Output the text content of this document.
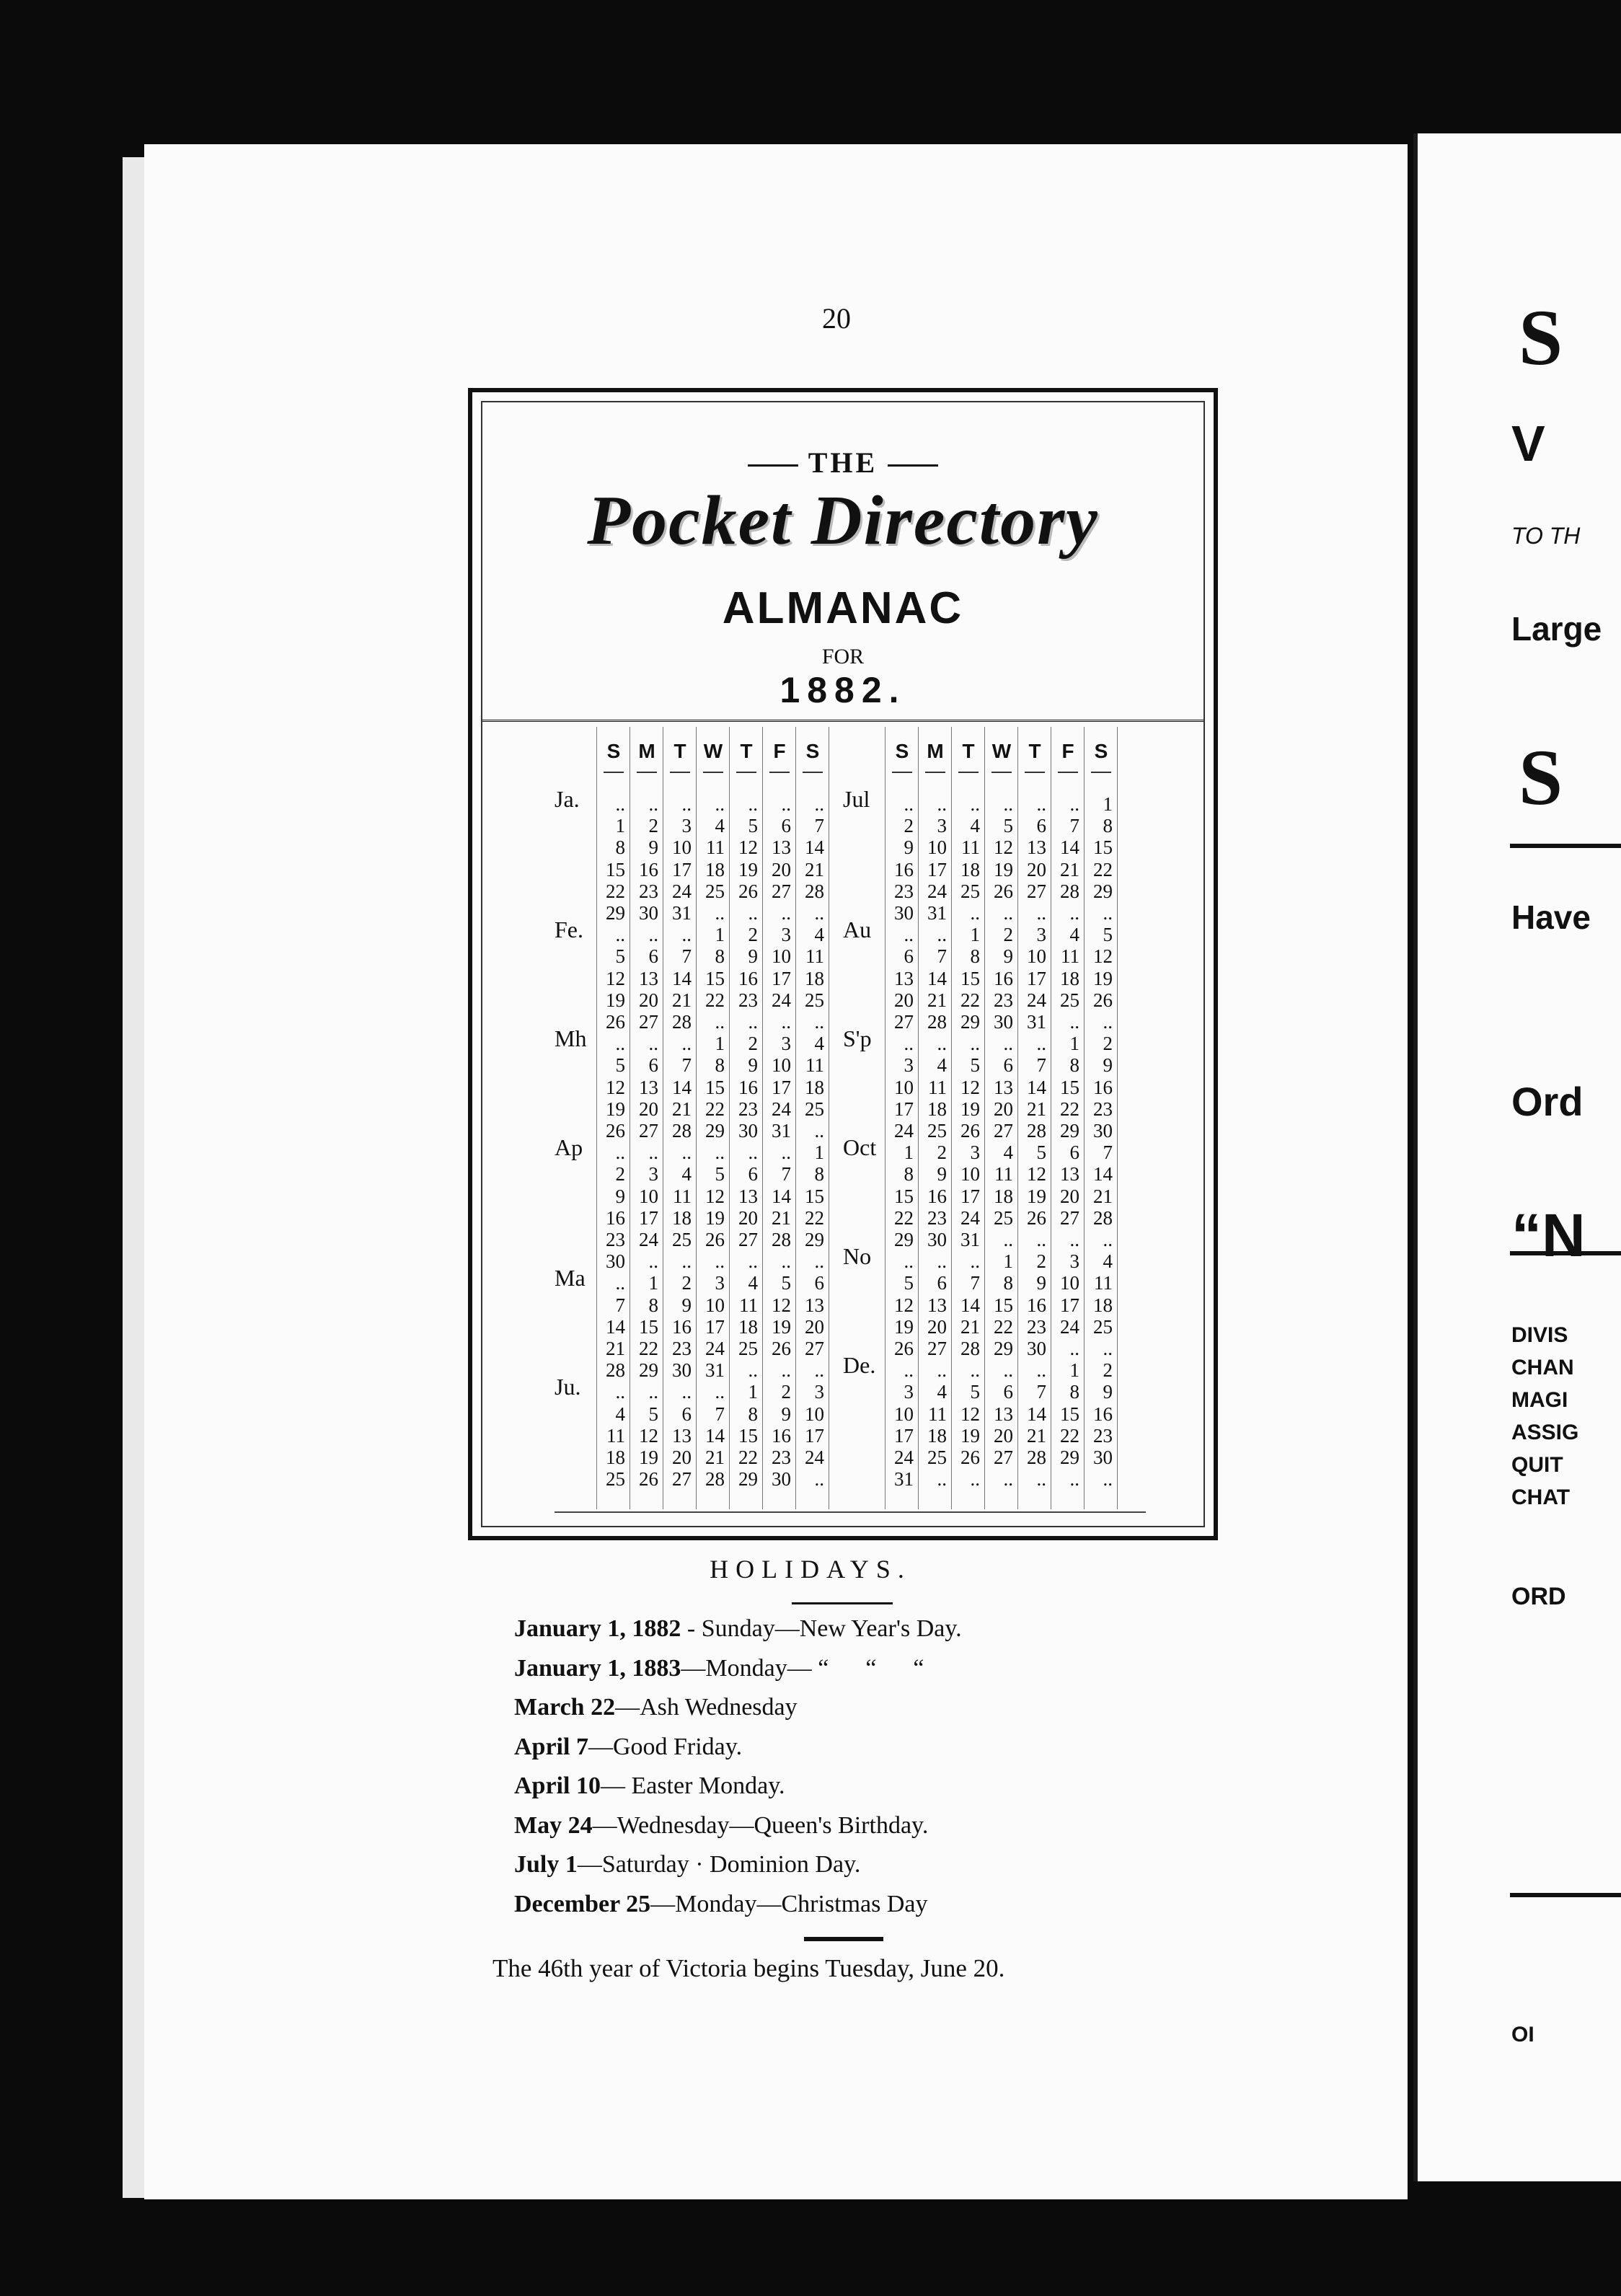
20
THE
Pocket Directory
ALMANAC
FOR
1882.
S M T W T	F	S
Ja.	..	..	..	..	..	..	..
1	2	3	4	5	6	7
8	9 10 11 12 13 14
15 16 17 18 19 20 21
22 23 24 25 26 27 28
29 30 31	..	..	..	..
Fe.	..	..	..	1	2	3	4
5	6	7	8	9 10 11
12 13 14 15 16 17 18
19 20 21 22 23 24 25
26 27 28	..	..	..	..
Mh	..	..	..	1	2	3	4
5	6	7	8	9 10 11
12 13 14 15 16 17 18
19 20 21 22 23 24 25
26 27 28 29 30 31	..
Ap	..	..	..	..	..	..	1
2	3	4	5	6	7	8
9 10 11 12 13 14 15
16 17 18 19 20 21 22
23 24 25 26 27 28 29
30	..	..	..	..	..	..
Ma	..	1	2	3	4	5	6
7	8	9 10 11 12 13
14 15 16 17 18 19 20
21 22 23 24 25 26 27
28 29 30 31	..	..	..
Ju.	..	..	..	..	1	2	3
4	5	6	7	8	9 10
11 12 13 14 15 16 17
18 19 20 21 22 23 24
25 26 27 28 29 30	..
S M T W T	F	S
Jul	..	..	..	..	..	..	1
2	3	4	5	6	7	8
9 10 11 12 13 14 15
16 17 18 19 20 21 22
23 24 25 26 27 28 29
30 31	..	..	..	..	..
Au	..	..	1	2	3	4	5
6	7	8	9 10 11 12
13 14 15 16 17 18 19
20 21 22 23 24 25 26
27 28 29 30 31	..	..
S'p	..	..	..	..	..	1	2
3	4	5	6	7	8	9
10 11 12 13 14 15 16
17 18 19 20 21 22 23
24 25 26 27 28 29 30
Oct	1	2	3	4	5	6	7
8	9 10 11 12 13 14
15 16 17 18 19 20 21
22 23 24 25 26 27 28
29 30 31	..	..	..	..
No	..	..	..	1	2	3	4
5	6	7	8	9 10 11
12 13 14 15 16 17 18
19 20 21 22 23 24 25
26 27 28 29 30	..	..
De.	..	..	..	..	..	1	2
3	4	5	6	7	8	9
10 11 12 13 14 15 16
17 18 19 20 21 22 23
24 25 26 27 28 29 30
31	..	..	..	..	..	..
HOLIDAYS.
January 1, 1882 - Sunday—New Year's Day.
January 1, 1883—Monday— “      “      “
March 22—Ash Wednesday
April 7—Good Friday.
April 10— Easter Monday.
May 24—Wednesday—Queen's Birthday.
July 1—Saturday · Dominion Day.
December 25—Monday—Christmas Day
The 46th year of Victoria begins Tuesday, June 20.
S
V
TO TH
Large
S
Have
Ord
“N
DIVIS
CHAN
MAGI
ASSIG
QUIT
CHAT
ORD
OI
